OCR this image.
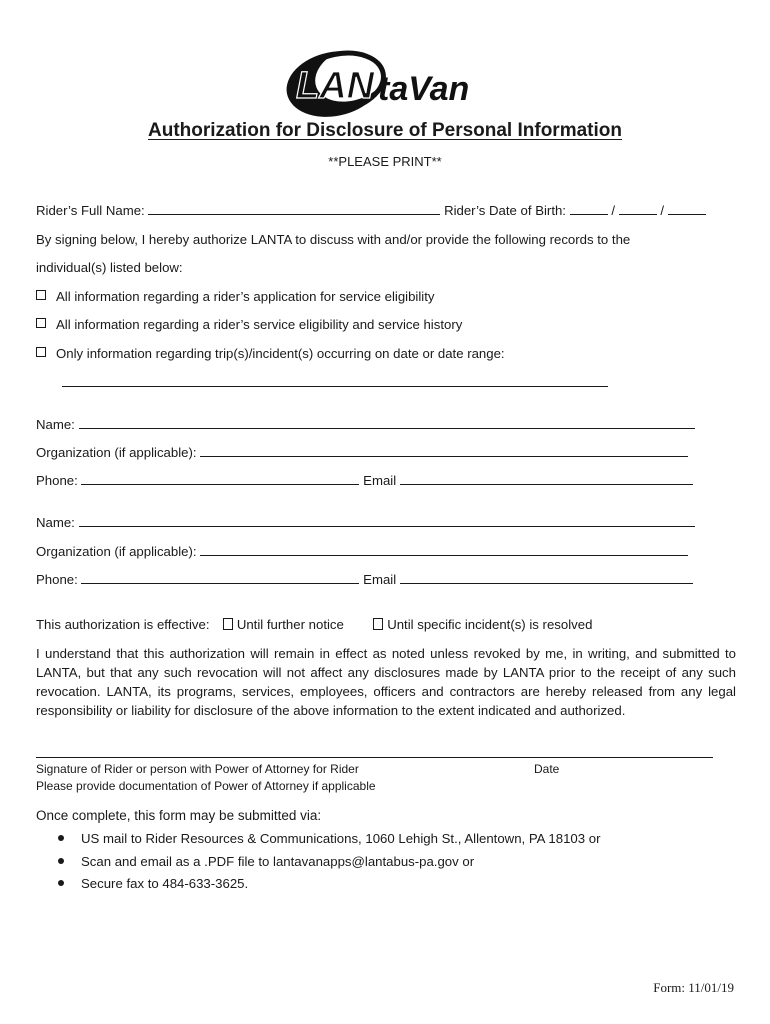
LAN taVan
Authorization for Disclosure of Personal Information
**PLEASE PRINT**
Rider’s Full Name:	Rider’s Date of Birth:	/	/
By signing below, I hereby authorize LANTA to discuss with and/or provide the following records to the
individual(s) listed below:
All information regarding a rider’s application for service eligibility
All information regarding a rider’s service eligibility and service history
Only information regarding trip(s)/incident(s) occurring on date or date range:
Name:
Organization (if applicable):
Phone:	Email
Name:
Organization (if applicable):
Phone:	Email
This authorization is effective: Until further notice	Until specific incident(s) is resolved
I understand that this authorization will remain in effect as noted unless revoked by me, in writing, and submitted to LANTA, but that any such revocation will not affect any disclosures made by LANTA prior to the receipt of any such revocation. LANTA, its programs, services, employees, officers and contractors are hereby released from any legal responsibility or liability for disclosure of the above information to the extent indicated and authorized.
Signature of Rider or person with Power of Attorney for Rider	Date
Please provide documentation of Power of Attorney if applicable
Once complete, this form may be submitted via:
US mail to Rider Resources & Communications, 1060 Lehigh St., Allentown, PA 18103 or
Scan and email as a .PDF file to lantavanapps@lantabus-pa.gov or
Secure fax to 484-633-3625.
Form: 11/01/19
